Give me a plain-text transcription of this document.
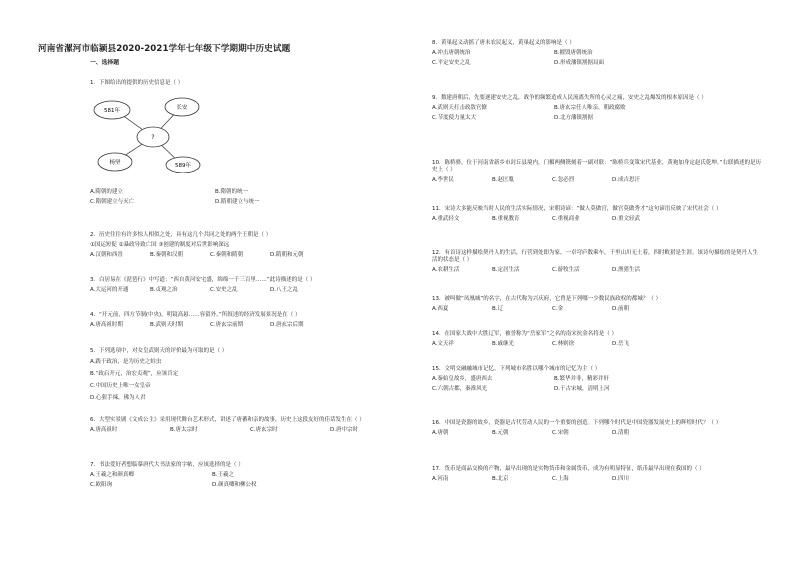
河南省漯河市临颍县2020-2021学年七年级下学期期中历史试题
一、选择题
1．下图给出的提供的历史信息是（ ）
?
581年	长安
杨坚	589年
A.隋朝的建立	B.隋朝的统一
C.隋朝建立与灭亡	D.隋朝建立与统一
2．历史往往有许多惊人相似之处，具有这几个共同之处的两个王朝是（ ）
①国运短促 ②暴政导致亡国 ③创建的制度对后世影响深远
A.汉朝和西晋	B.秦朝和汉朝	C.秦朝和隋朝	D.隋朝和元朝
3．白居易在《琵琶行》中写道：“西自黄河安宅盛，绵绵一千三百里……”此诗描述的是（ ）
A.大运河的开通	B.贞观之治	C.安史之乱	D.八王之乱
4．“开元前，四方节制(中央)，明镜高悬……容留外，”所叙述的经济发展景况是在（ ）
A.唐高祖时期	B.武则天时期	C.唐玄宗前期	D.唐玄宗后期
5．下列选项中，对女皇武则天的评价最为可取的是（ ）
A.践于政治，是为历史之蛀虫
B.“政启开元，治宏贞观”，应该肯定
C.中国历史上唯一女皇帝
D.心狠手辣，佛为人君
6．大型实景剧《文成公主》采用现代舞台艺术形式，讲述了唐蕃和亲的故事，历史上这段友好的佳话发生在（ ）
A.唐高祖时	B.唐太宗时	C.唐玄宗时	D.唐中宗时
7．书法爱好者想临摹唐代大书法家的字帖，应该选择的是（ ）
A.王羲之和颜真卿	B.王羲之
C.欧阳询	D.颜真卿和柳公权
8．黄巢起义动摇了唐末农民起义，黄巢起义的影响是（ ）
A.冲击唐朝统治	B.摧毁唐朝统治
C.平定安史之乱	D.形成藩镇割据局面
9．数建唐朝后，先要逐建安史之乱，战争的频繁造成人民流离失所的心灵之痛，安史之乱爆发的根本原因是（ ）
A.武则天打击政敌官僚	B.唐玄宗任人唯亲，朝政腐败
C.节度使力量太大	D.北方藩镇割据
10．陈桥驿，位于河南省新乡市封丘县境内，门楣两侧镌刻着一副对联：“陈桥兵变策宋代基业，黄袍加身定赵氏乾坤。”右联描述的是历史上（ ）
A.李世民	B.赵匡胤	C.忽必烈	D.成吉思汗
11．宋诗大多能反映当时人民的生活实际情况，宋朝诗谚：“做人莫做官，做官莫做秀才”这句谚语反映了宋代社会（ ）
A.重武轻文	B.重视教育	C.重视商业	D.重文轻武
12．有首诗这样描绘契丹人的生活，行营到处即为家，一卓穹庐数乘车，千里山川无土着，四时畋猎是生涯。该诗句描绘的是契丹人生活的状态是（ ）
A.农耕生活	B.定居生活	C.游牧生活	D.渔猎生活
13．被叫做“凤凰城”的名字，在古代称为兴庆府，它曾是下列哪一少数民族政权的都城？（ ）
A.西夏	B.辽	C.金	D.前朝
14．在国家大战中大胜辽军，被誉称为“岳家军”之名的南宋抗金名将是（ ）
A.文天祥	B.戚继光	C.林则徐	D.岳飞
15．文明交融融城市记忆。下列城市名胜以哪个城市的记忆为主（ ）
A.秦始皇故乡，盛唐西去	B.繁华并非，精彩并轩
C.六朝古都，秦淮风光	D.千古宋城，清明上河
16．中国是瓷器的故乡，瓷器是古代劳动人民的一个重要的创造。下列哪个时代是中国瓷器发展史上的辉煌时代？（ ）
A.唐朝	B.元朝	C.宋朝	D.清朝
17．货币是商品交换的产物，最早出现的是实物货币和金属货币，成为有明显特征，纸币最早出现在我国的（ ）
A.河南	B.北京	C.上海	D.四川
